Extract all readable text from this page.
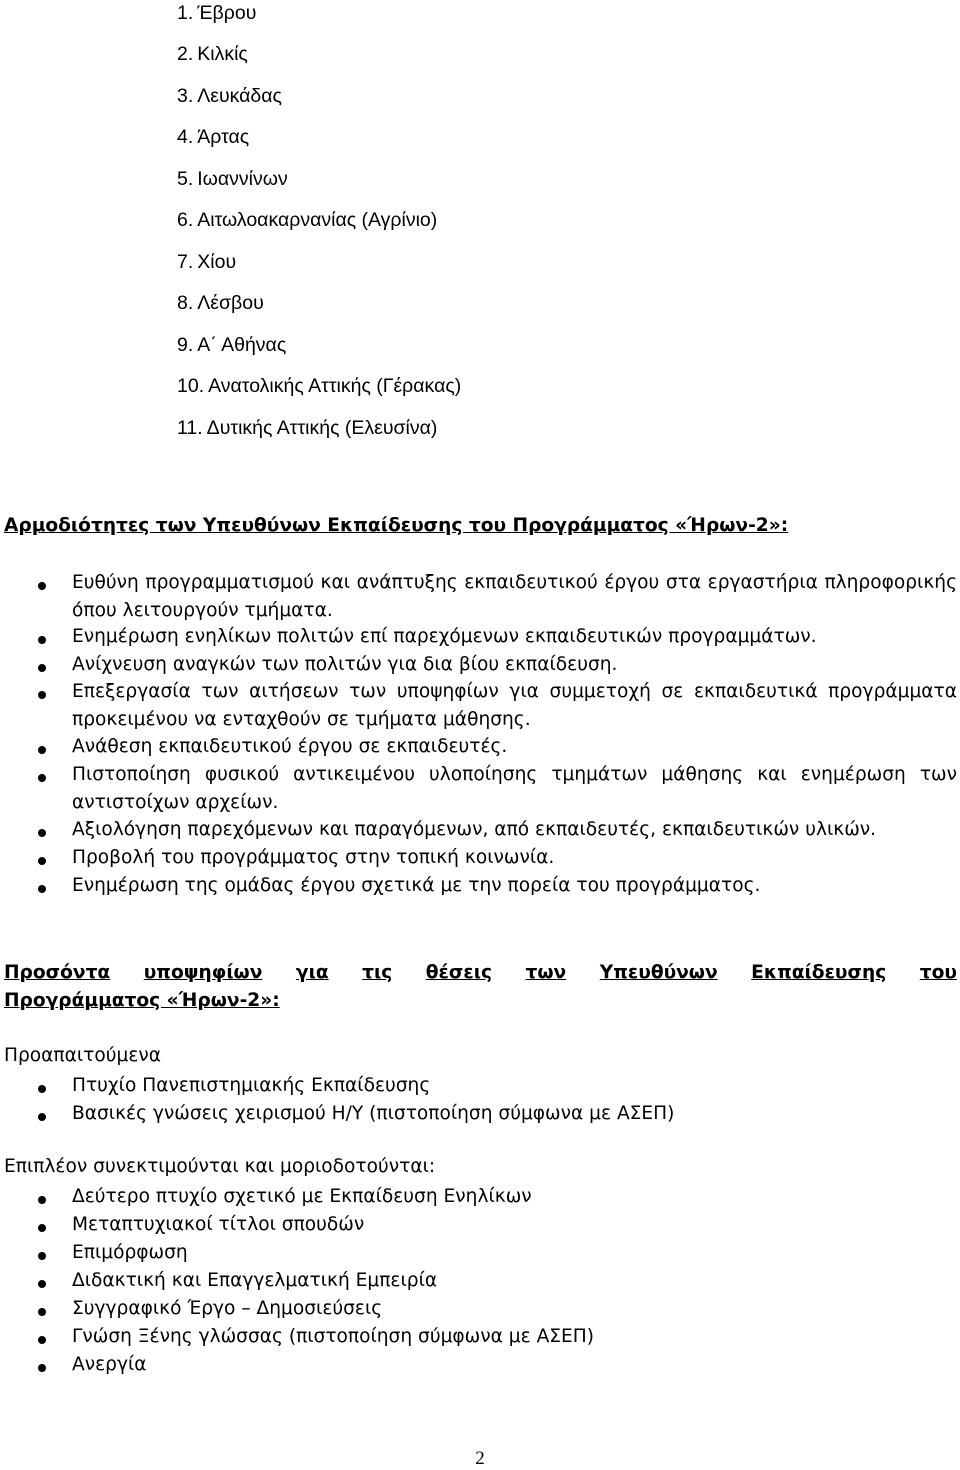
1. Έβρου
2. Κιλκίς
3. Λευκάδας
4. Άρτας
5. Ιωαννίνων
6. Αιτωλοακαρνανίας (Αγρίνιο)
7. Χίου
8. Λέσβου
9. Α΄ Αθήνας
10. Ανατολικής Αττικής (Γέρακας)
11. Δυτικής Αττικής (Ελευσίνα)
Αρμοδιότητες των Υπευθύνων Εκπαίδευσης του Προγράμματος «Ήρων-2»:
Ευθύνη προγραμματισμού και ανάπτυξης εκπαιδευτικού έργου στα εργαστήρια πληροφορικής όπου λειτουργούν τμήματα.
Ενημέρωση ενηλίκων πολιτών επί παρεχόμενων εκπαιδευτικών προγραμμάτων.
Ανίχνευση αναγκών των πολιτών για δια βίου εκπαίδευση.
Επεξεργασία των αιτήσεων των υποψηφίων για συμμετοχή σε εκπαιδευτικά προγράμματα προκειμένου να ενταχθούν σε τμήματα μάθησης.
Ανάθεση εκπαιδευτικού έργου σε εκπαιδευτές.
Πιστοποίηση φυσικού αντικειμένου υλοποίησης τμημάτων μάθησης και ενημέρωση των αντιστοίχων αρχείων.
Αξιολόγηση παρεχόμενων και παραγόμενων, από εκπαιδευτές, εκπαιδευτικών υλικών.
Προβολή του προγράμματος στην τοπική κοινωνία.
Ενημέρωση της ομάδας έργου σχετικά με την πορεία του προγράμματος.
Προσόντα υποψηφίων για τις θέσεις των Υπευθύνων Εκπαίδευσης του
Προγράμματος «Ήρων-2»:
Προαπαιτούμενα
Πτυχίο Πανεπιστημιακής Εκπαίδευσης
Βασικές γνώσεις χειρισμού Η/Υ (πιστοποίηση σύμφωνα με ΑΣΕΠ)
Επιπλέον συνεκτιμούνται και μοριοδοτούνται:
Δεύτερο πτυχίο σχετικό με Εκπαίδευση Ενηλίκων
Μεταπτυχιακοί τίτλοι σπουδών
Επιμόρφωση
Διδακτική και Επαγγελματική Εμπειρία
Συγγραφικό Έργο – Δημοσιεύσεις
Γνώση Ξένης γλώσσας (πιστοποίηση σύμφωνα με ΑΣΕΠ)
Ανεργία
2
